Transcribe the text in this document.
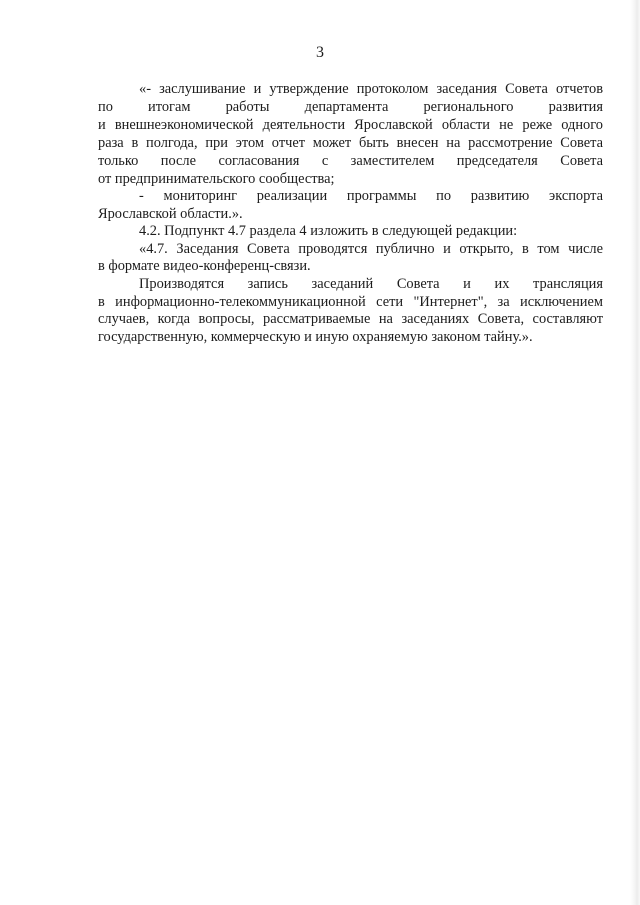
3
«- заслушивание и утверждение протоколом заседания Совета отчетов
по итогам работы департамента регионального развития
и внешнеэкономической деятельности Ярославской области не реже одного
раза в полгода, при этом отчет может быть внесен на рассмотрение Совета
только после согласования с заместителем председателя Совета
от предпринимательского сообщества;
- мониторинг реализации программы по развитию экспорта
Ярославской области.».
4.2. Подпункт 4.7 раздела 4 изложить в следующей редакции:
«4.7. Заседания Совета проводятся публично и открыто, в том числе
в формате видео-конференц-связи.
Производятся запись заседаний Совета и их трансляция
в информационно-телекоммуникационной сети "Интернет", за исключением
случаев, когда вопросы, рассматриваемые на заседаниях Совета, составляют
государственную, коммерческую и иную охраняемую законом тайну.».
